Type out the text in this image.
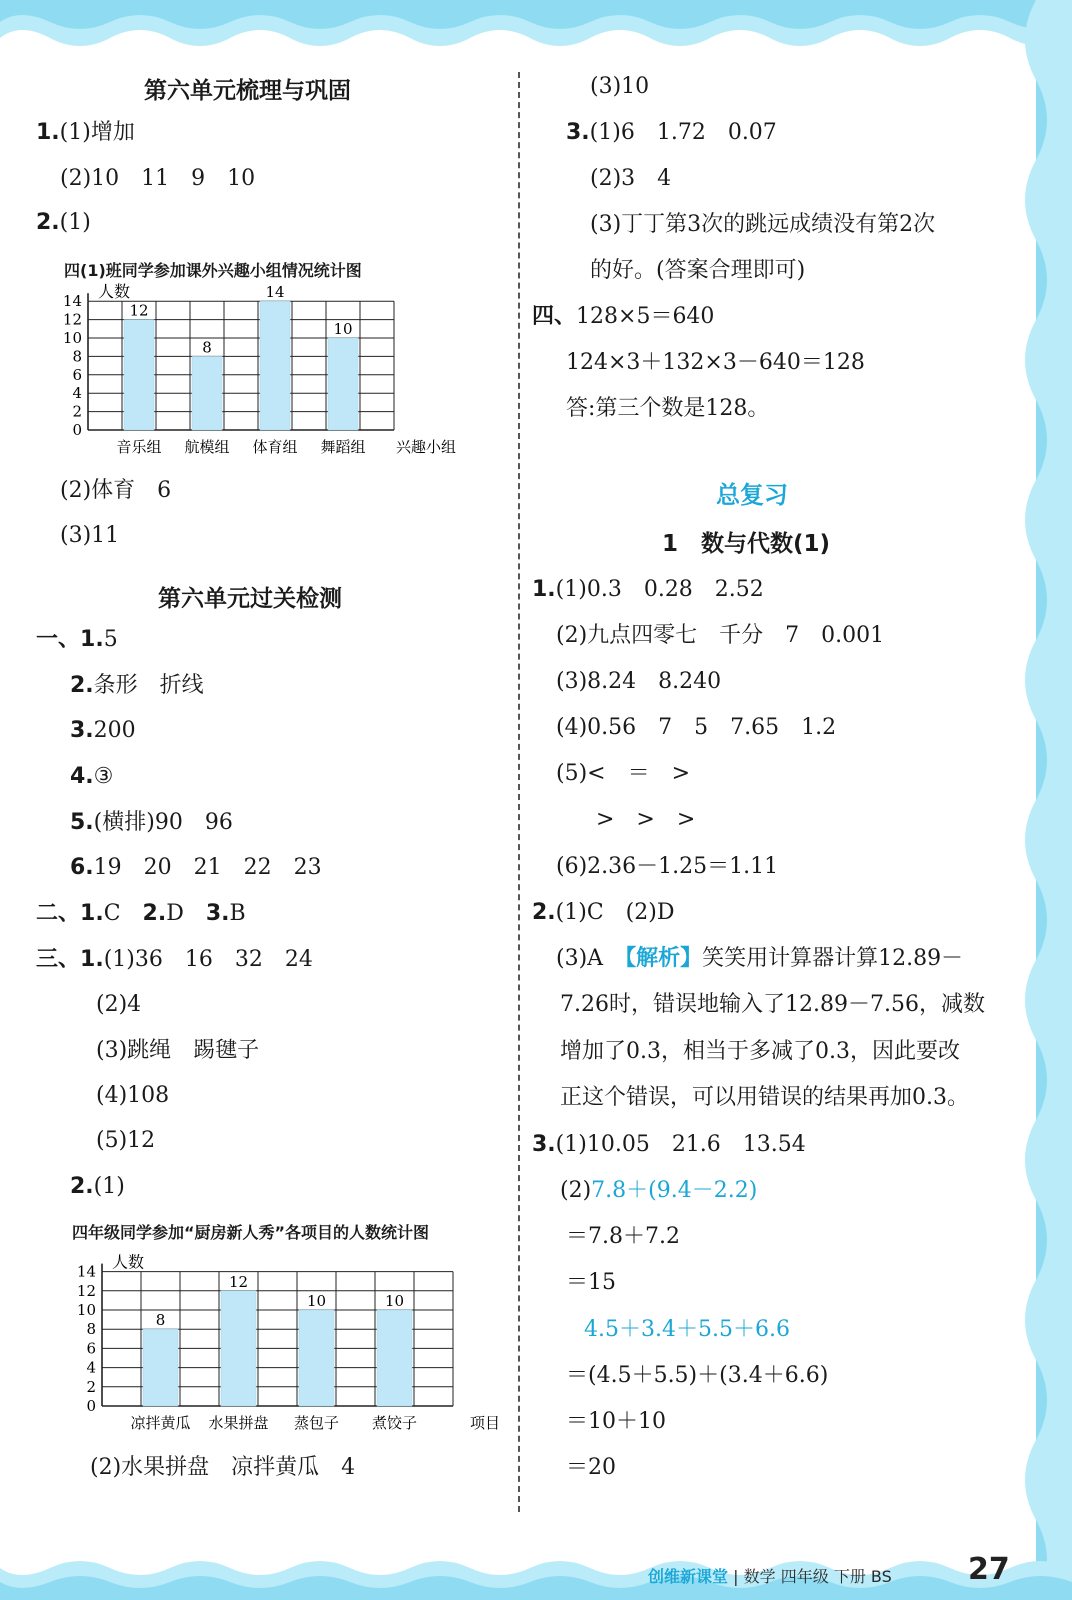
第六单元梳理与巩固
1.(1)增加
(2)10　11　9　10
2.(1)
四(1)班同学参加课外兴趣小组情况统计图
0
2
4
6
8
10
12
14 人数
12
音乐组
8
航模组
14
体育组
10
舞蹈组 兴趣小组
(2)体育　6
(3)11
第六单元过关检测
一、1.5
2.条形　折线
3.200
4.③
5.(横排)90　96
6.19　20　21　22　23
二、1.C 2.D 3.B
三、1.(1)36　16　32　24
(2)4
(3)跳绳　踢毽子
(4)108
(5)12
2.(1)
四年级同学参加“厨房新人秀”各项目的人数统计图
0
2
4
6
8
10
12
14 人数
8
凉拌黄瓜
12
水果拼盘
10
蒸包子
10
煮饺子	项目
(2)水果拼盘　凉拌黄瓜　4
(3)10
3.(1)6　1.72　0.07
(2)3　4
(3)丁丁第3次的跳远成绩没有第2次
的好。(答案合理即可)
四、128×5＝640
124×3＋132×3－640＝128
答:第三个数是128。
总复习
1　数与代数(1)
1.(1)0.3　0.28　2.52
(2)九点四零七　千分　7　0.001
(3)8.24　8.240
(4)0.56　7　5　7.65　1.2
(5)<　＝　>
>　>　>
(6)2.36－1.25＝1.11
2.(1)C　(2)D
(3)A　【解析】笑笑用计算器计算12.89－
7.26时，错误地输入了12.89－7.56，减数
增加了0.3，相当于多减了0.3，因此要改
正这个错误，可以用错误的结果再加0.3。
3.(1)10.05　21.6　13.54
(2)7.8＋(9.4－2.2)
＝7.8＋7.2
＝15
4.5＋3.4＋5.5＋6.6
＝(4.5＋5.5)＋(3.4＋6.6)
＝10＋10
＝20
创维新课堂 | 数学 四年级 下册 BS	27
